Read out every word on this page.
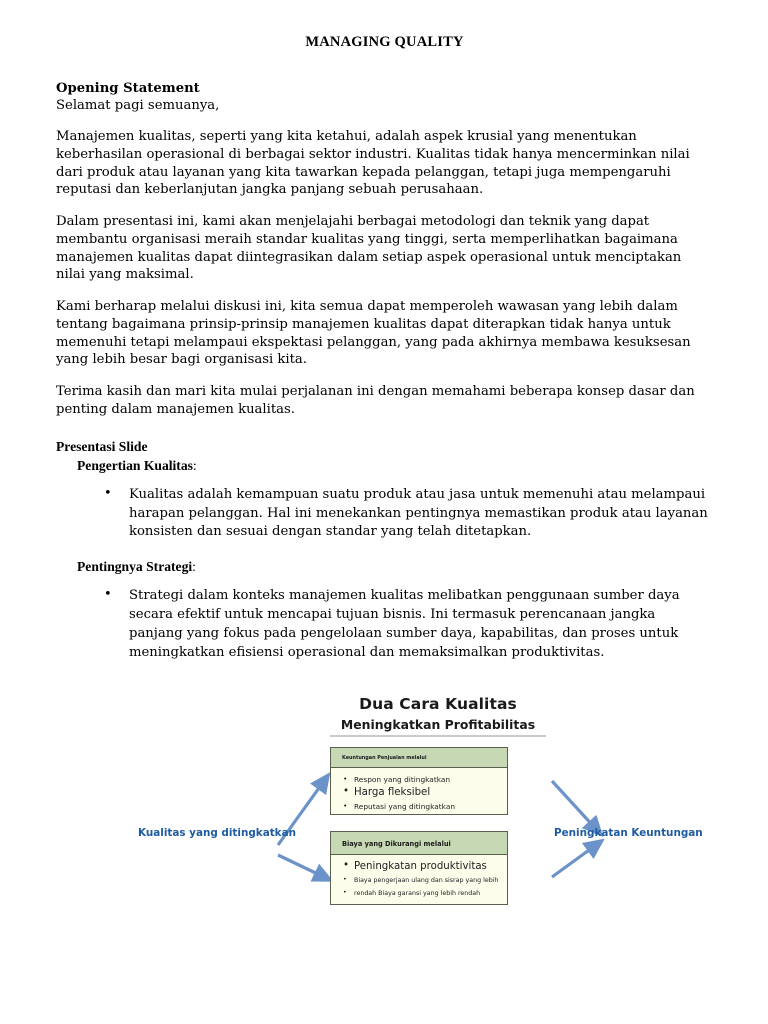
MANAGING QUALITY
Opening Statement
Selamat pagi semuanya,

Manajemen kualitas, seperti yang kita ketahui, adalah aspek krusial yang menentukan keberhasilan operasional di berbagai sektor industri. Kualitas tidak hanya mencerminkan nilai dari produk atau layanan yang kita tawarkan kepada pelanggan, tetapi juga mempengaruhi reputasi dan keberlanjutan jangka panjang sebuah perusahaan.

Dalam presentasi ini, kami akan menjelajahi berbagai metodologi dan teknik yang dapat membantu organisasi meraih standar kualitas yang tinggi, serta memperlihatkan bagaimana manajemen kualitas dapat diintegrasikan dalam setiap aspek operasional untuk menciptakan nilai yang maksimal.

Kami berharap melalui diskusi ini, kita semua dapat memperoleh wawasan yang lebih dalam tentang bagaimana prinsip-prinsip manajemen kualitas dapat diterapkan tidak hanya untuk memenuhi tetapi melampaui ekspektasi pelanggan, yang pada akhirnya membawa kesuksesan yang lebih besar bagi organisasi kita.

Terima kasih dan mari kita mulai perjalanan ini dengan memahami beberapa konsep dasar dan penting dalam manajemen kualitas.

Presentasi Slide
Pengertian Kualitas:
• Kualitas adalah kemampuan suatu produk atau jasa untuk memenuhi atau melampaui harapan pelanggan. Hal ini menekankan pentingnya memastikan produk atau layanan konsisten dan sesuai dengan standar yang telah ditetapkan.
Pentingnya Strategi:
• Strategi dalam konteks manajemen kualitas melibatkan penggunaan sumber daya secara efektif untuk mencapai tujuan bisnis. Ini termasuk perencanaan jangka panjang yang fokus pada pengelolaan sumber daya, kapabilitas, dan proses untuk meningkatkan efisiensi operasional dan memaksimalkan produktivitas.
Dua Cara Kualitas
Meningkatkan Profitabilitas
Kualitas yang ditingkatkan	Peningkatan Keuntungan
Keuntungan Penjualan melalui
• Respon yang ditingkatkan
• Harga fleksibel
• Reputasi yang ditingkatkan
Biaya yang Dikurangi melalui
• Peningkatan produktivitas
• Biaya pengerjaan ulang dan sisrap yang lebih
• rendah Biaya garansi yang lebih rendah
